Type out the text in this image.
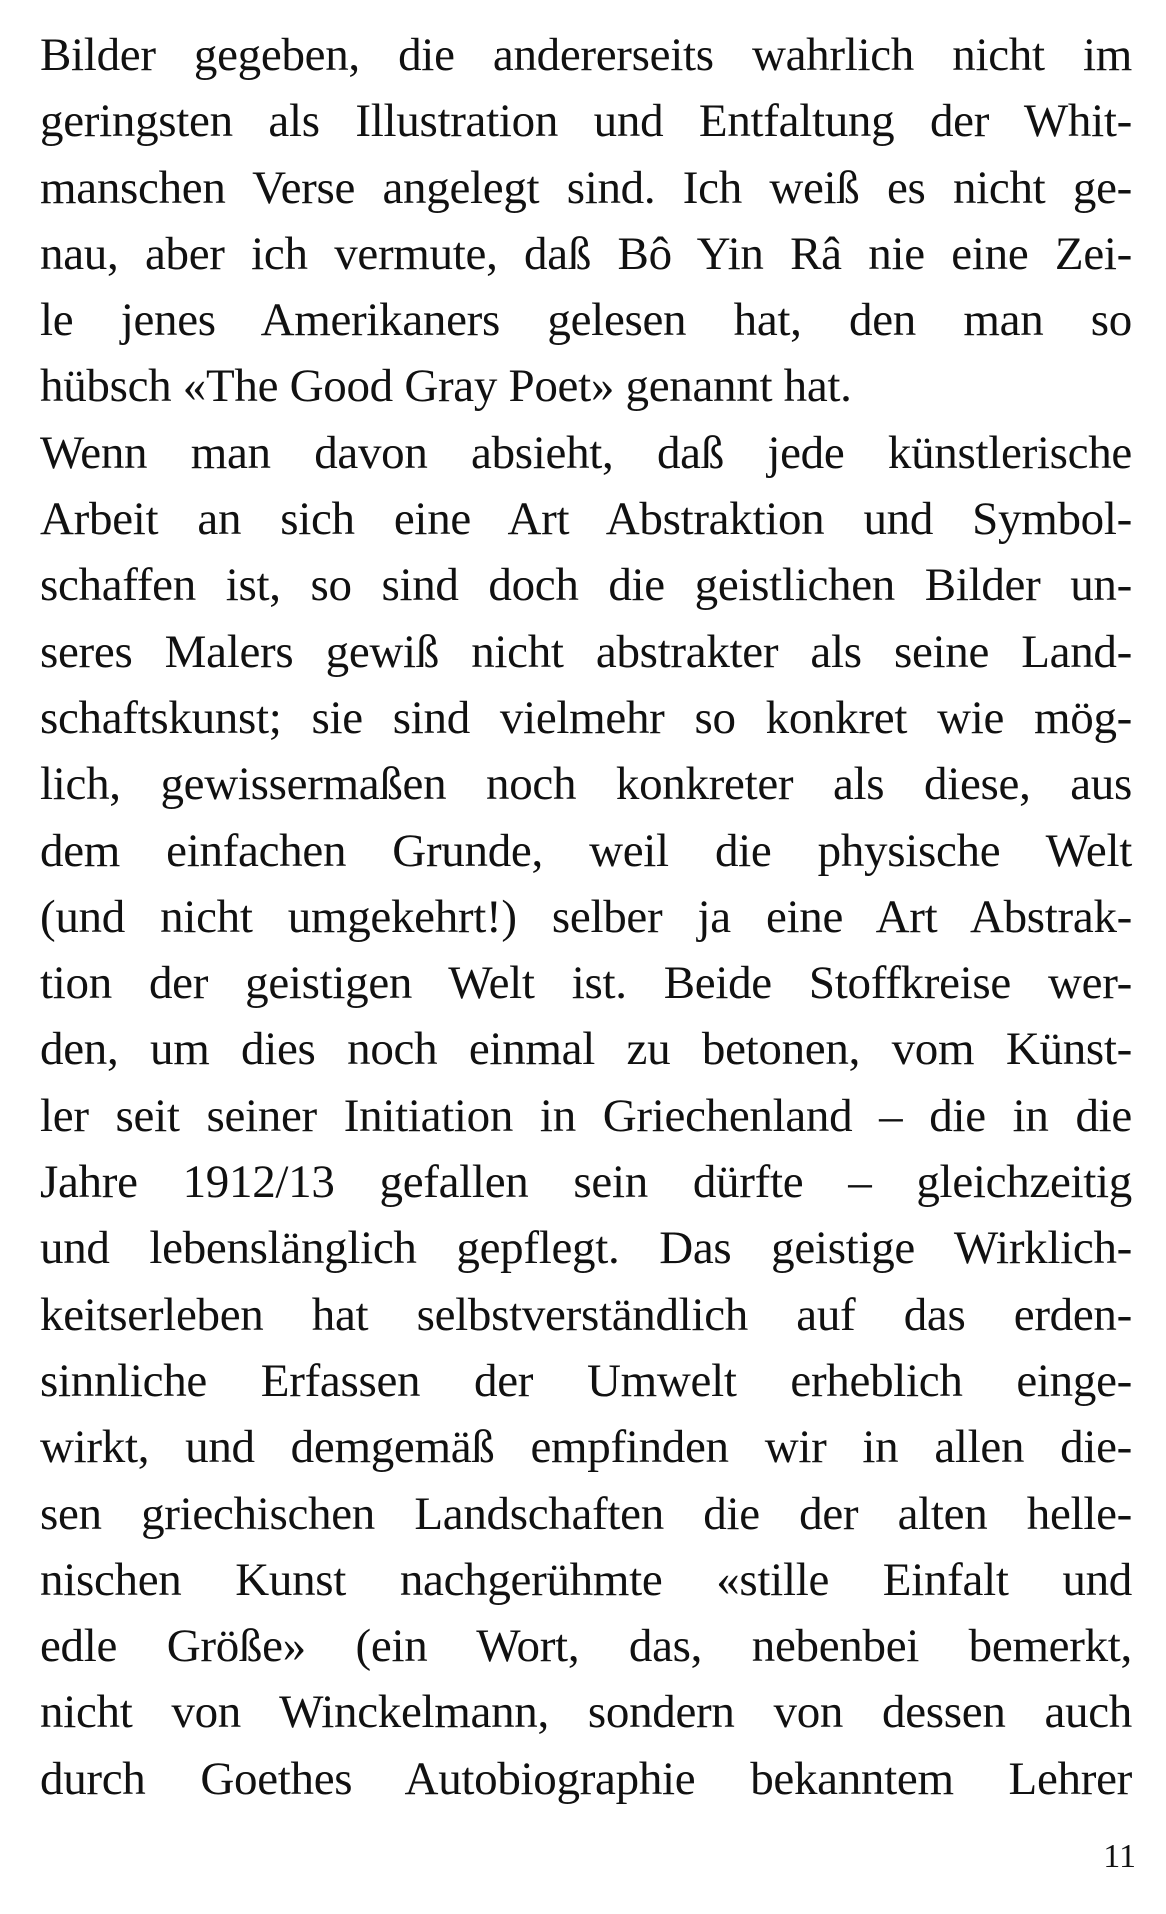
Bilder gegeben, die andererseits wahrlich nicht im
geringsten als Illustration und Entfaltung der Whit-
manschen Verse angelegt sind. Ich weiß es nicht ge-
nau, aber ich vermute, daß Bô Yin Râ nie eine Zei-
le jenes Amerikaners gelesen hat, den man so
hübsch «The Good Gray Poet» genannt hat.
Wenn man davon absieht, daß jede künstlerische
Arbeit an sich eine Art Abstraktion und Symbol-
schaffen ist, so sind doch die geistlichen Bilder un-
seres Malers gewiß nicht abstrakter als seine Land-
schaftskunst; sie sind vielmehr so konkret wie mög-
lich, gewissermaßen noch konkreter als diese, aus
dem einfachen Grunde, weil die physische Welt
(und nicht umgekehrt!) selber ja eine Art Abstrak-
tion der geistigen Welt ist. Beide Stoffkreise wer-
den, um dies noch einmal zu betonen, vom Künst-
ler seit seiner Initiation in Griechenland – die in die
Jahre 1912/13 gefallen sein dürfte – gleichzeitig
und lebenslänglich gepflegt. Das geistige Wirklich-
keitserleben hat selbstverständlich auf das erden-
sinnliche Erfassen der Umwelt erheblich einge-
wirkt, und demgemäß empfinden wir in allen die-
sen griechischen Landschaften die der alten helle-
nischen Kunst nachgerühmte «stille Einfalt und
edle Größe» (ein Wort, das, nebenbei bemerkt,
nicht von Winckelmann, sondern von dessen auch
durch Goethes Autobiographie bekanntem Lehrer
11
